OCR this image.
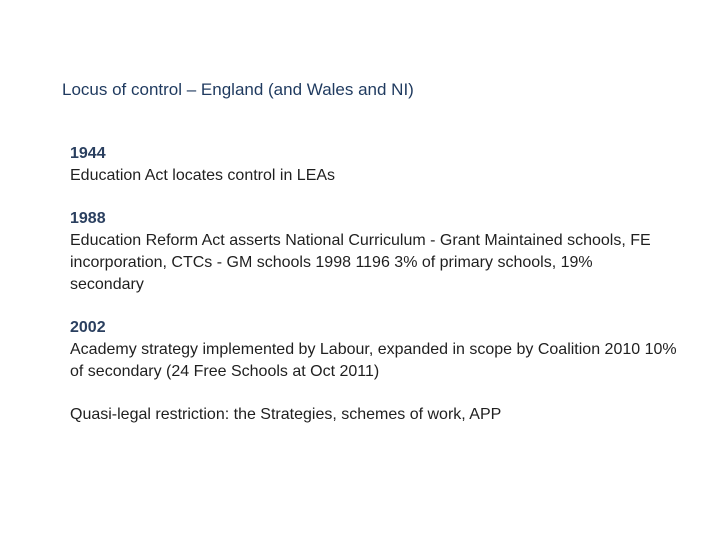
Locus of control – England (and Wales and NI)
1944
Education Act locates control in LEAs
1988
Education Reform Act asserts National Curriculum - Grant Maintained schools, FE incorporation, CTCs - GM schools 1998 1196 3% of primary schools, 19% secondary
2002
Academy strategy implemented by Labour, expanded in scope by Coalition 2010 10% of secondary (24 Free Schools at Oct 2011)
Quasi-legal restriction: the Strategies, schemes of work, APP
